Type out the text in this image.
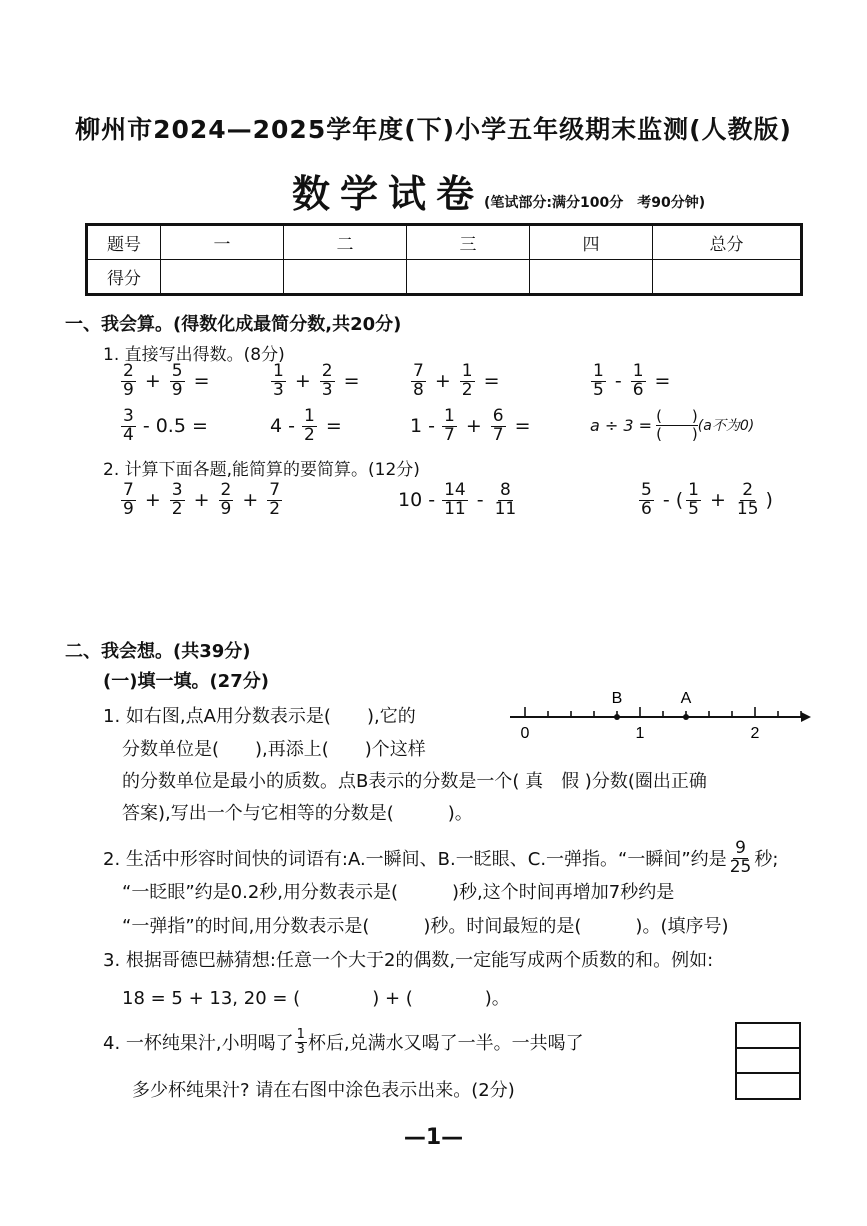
柳州市2024—2025学年度(下)小学五年级期末监测(人教版)
数学试卷(笔试部分:满分100分　考90分钟)
题号	一	二	三	四	总分
得分					
一、我会算。(得数化成最简分数,共20分)
1. 直接写出得数。(8分)
$\frac{2}{9} + \frac{5}{9}$ =	$\frac{1}{3} + \frac{2}{3}$ =	$\frac{7}{8} + \frac{1}{2}$ =	$\frac{1}{5} - \frac{1}{6}$ =
$\frac{3}{4} - 0.5$ =	$4 - \frac{1}{2}$ =	$1 - \frac{1}{7} + \frac{6}{7}$ =	a ÷ 3 = (　　)
(　　) (a不为0)
2. 计算下面各题,能简算的要简算。(12分)
$\frac{7}{9} + \frac{3}{2} + \frac{2}{9} + \frac{7}{2}$	$10 - \frac{14}{11} - \frac{8}{11}$	$\frac{5}{6}$ - ( $\frac{1}{5} + \frac{2}{15}$ )
二、我会想。(共39分)
(一)填一填。(27分)
1. 如右图,点A用分数表示是(　　),它的
分数单位是(　　),再添上(　　)个这样
的分数单位是最小的质数。点B表示的分数是一个( 真　假 )分数(圈出正确
答案),写出一个与它相等的分数是(　　　)。
0	1	2
A
B
2. 生活中形容时间快的词语有:A.一瞬间、B.一眨眼、C.一弹指。“一瞬间”约是 $\frac{9}{25}$ 秒;
“一眨眼”约是0.2秒,用分数表示是(　　　)秒,这个时间再增加7秒约是
“一弹指”的时间,用分数表示是(　　　)秒。时间最短的是(　　　)。(填序号)
3. 根据哥德巴赫猜想:任意一个大于2的偶数,一定能写成两个质数的和。例如:
18 = 5 + 13, 20 = (　　　　) + (　　　　)。
4. 一杯纯果汁,小明喝了 $\frac{1}{3}$ 杯后,兑满水又喝了一半。一共喝了
多少杯纯果汁? 请在右图中涂色表示出来。(2分)
—1—
